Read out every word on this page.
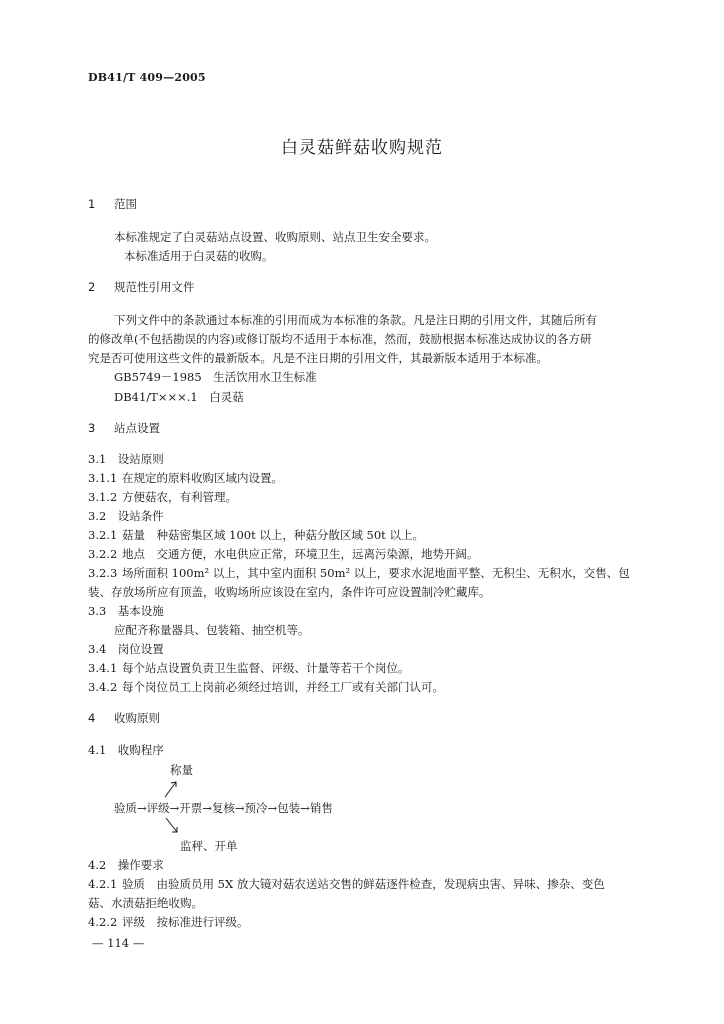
DB41/T 409—2005
白灵菇鲜菇收购规范
1 范围
本标准规定了白灵菇站点设置、收购原则、站点卫生安全要求。
本标准适用于白灵菇的收购。
2 规范性引用文件
下列文件中的条款通过本标准的引用而成为本标准的条款。凡是注日期的引用文件，其随后所有
的修改单(不包括勘误的内容)或修订版均不适用于本标准，然而，鼓励根据本标准达成协议的各方研
究是否可使用这些文件的最新版本。凡是不注日期的引用文件，其最新版本适用于本标准。
GB5749－1985　生活饮用水卫生标准
DB41/T×××.1　白灵菇
3 站点设置
3.1　设站原则
3.1.1 在规定的原料收购区域内设置。
3.1.2 方便菇农，有利管理。
3.2　设站条件
3.2.1 菇量　种菇密集区域 100t 以上，种菇分散区域 50t 以上。
3.2.2 地点　交通方便，水电供应正常，环境卫生，远离污染源，地势开阔。
3.2.3 场所面积 100m² 以上，其中室内面积 50m² 以上，要求水泥地面平整、无积尘、无积水，交售、包
装、存放场所应有顶盖，收购场所应该设在室内，条件许可应设置制冷贮藏库。
3.3　基本设施
应配齐称量器具、包装箱、抽空机等。
3.4　岗位设置
3.4.1 每个站点设置负责卫生监督、评级、计量等若干个岗位。
3.4.2 每个岗位员工上岗前必须经过培训，并经工厂或有关部门认可。
4 收购原则
4.1　收购程序
称量
验质→评级→开票→复核→预冷→包装→销售
监秤、开单
4.2　操作要求
4.2.1 验质　由验质员用 5X 放大镜对菇农送站交售的鲜菇逐件检查，发现病虫害、异味、掺杂、变色
菇、水渍菇拒绝收购。
4.2.2 评级　按标准进行评级。
— 114 —
